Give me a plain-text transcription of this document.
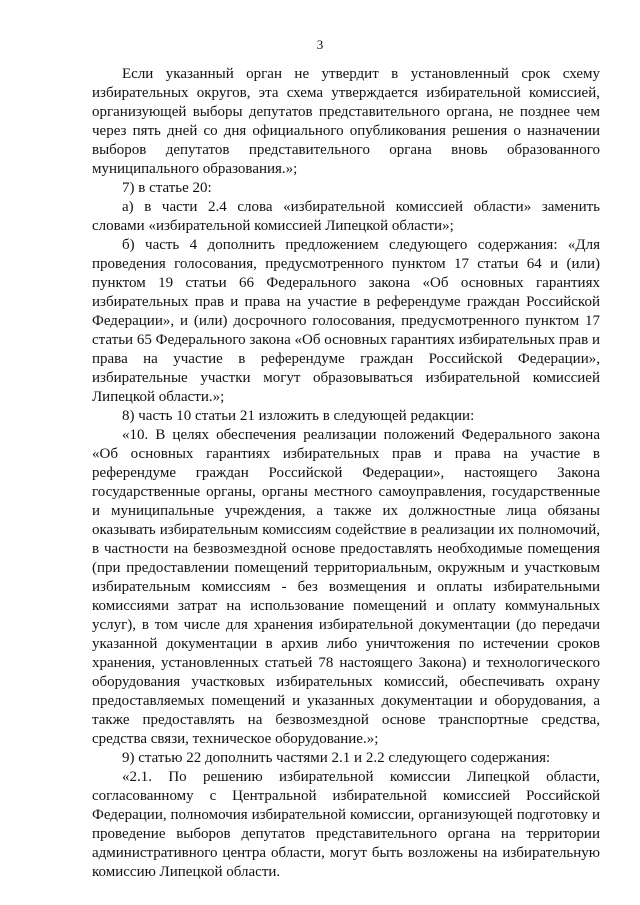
3

Если указанный орган не утвердит в установленный срок схему избирательных округов, эта схема утверждается избирательной комиссией, организующей выборы депутатов представительного органа, не позднее чем через пять дней со дня официального опубликования решения о назначении выборов депутатов представительного органа вновь образованного муниципального образования.»;

7) в статье 20:

а) в части 2.4 слова «избирательной комиссией области» заменить словами «избирательной комиссией Липецкой области»;

б) часть 4 дополнить предложением следующего содержания: «Для проведения голосования, предусмотренного пунктом 17 статьи 64 и (или) пунктом 19 статьи 66 Федерального закона «Об основных гарантиях избирательных прав и права на участие в референдуме граждан Российской Федерации», и (или) досрочного голосования, предусмотренного пунктом 17 статьи 65 Федерального закона «Об основных гарантиях избирательных прав и права на участие в референдуме граждан Российской Федерации», избирательные участки могут образовываться избирательной комиссией Липецкой области.»;

8) часть 10 статьи 21 изложить в следующей редакции:

«10. В целях обеспечения реализации положений Федерального закона «Об основных гарантиях избирательных прав и права на участие в референдуме граждан Российской Федерации», настоящего Закона государственные органы, органы местного самоуправления, государственные и муниципальные учреждения, а также их должностные лица обязаны оказывать избирательным комиссиям содействие в реализации их полномочий, в частности на безвозмездной основе предоставлять необходимые помещения (при предоставлении помещений территориальным, окружным и участковым избирательным комиссиям - без возмещения и оплаты избирательными комиссиями затрат на использование помещений и оплату коммунальных услуг), в том числе для хранения избирательной документации (до передачи указанной документации в архив либо уничтожения по истечении сроков хранения, установленных статьей 78 настоящего Закона) и технологического оборудования участковых избирательных комиссий, обеспечивать охрану предоставляемых помещений и указанных документации и оборудования, а также предоставлять на безвозмездной основе транспортные средства, средства связи, техническое оборудование.»;

9) статью 22 дополнить частями 2.1 и 2.2 следующего содержания:

«2.1. По решению избирательной комиссии Липецкой области, согласованному с Центральной избирательной комиссией Российской Федерации, полномочия избирательной комиссии, организующей подготовку и проведение выборов депутатов представительного органа на территории административного центра области, могут быть возложены на избирательную комиссию Липецкой области.
